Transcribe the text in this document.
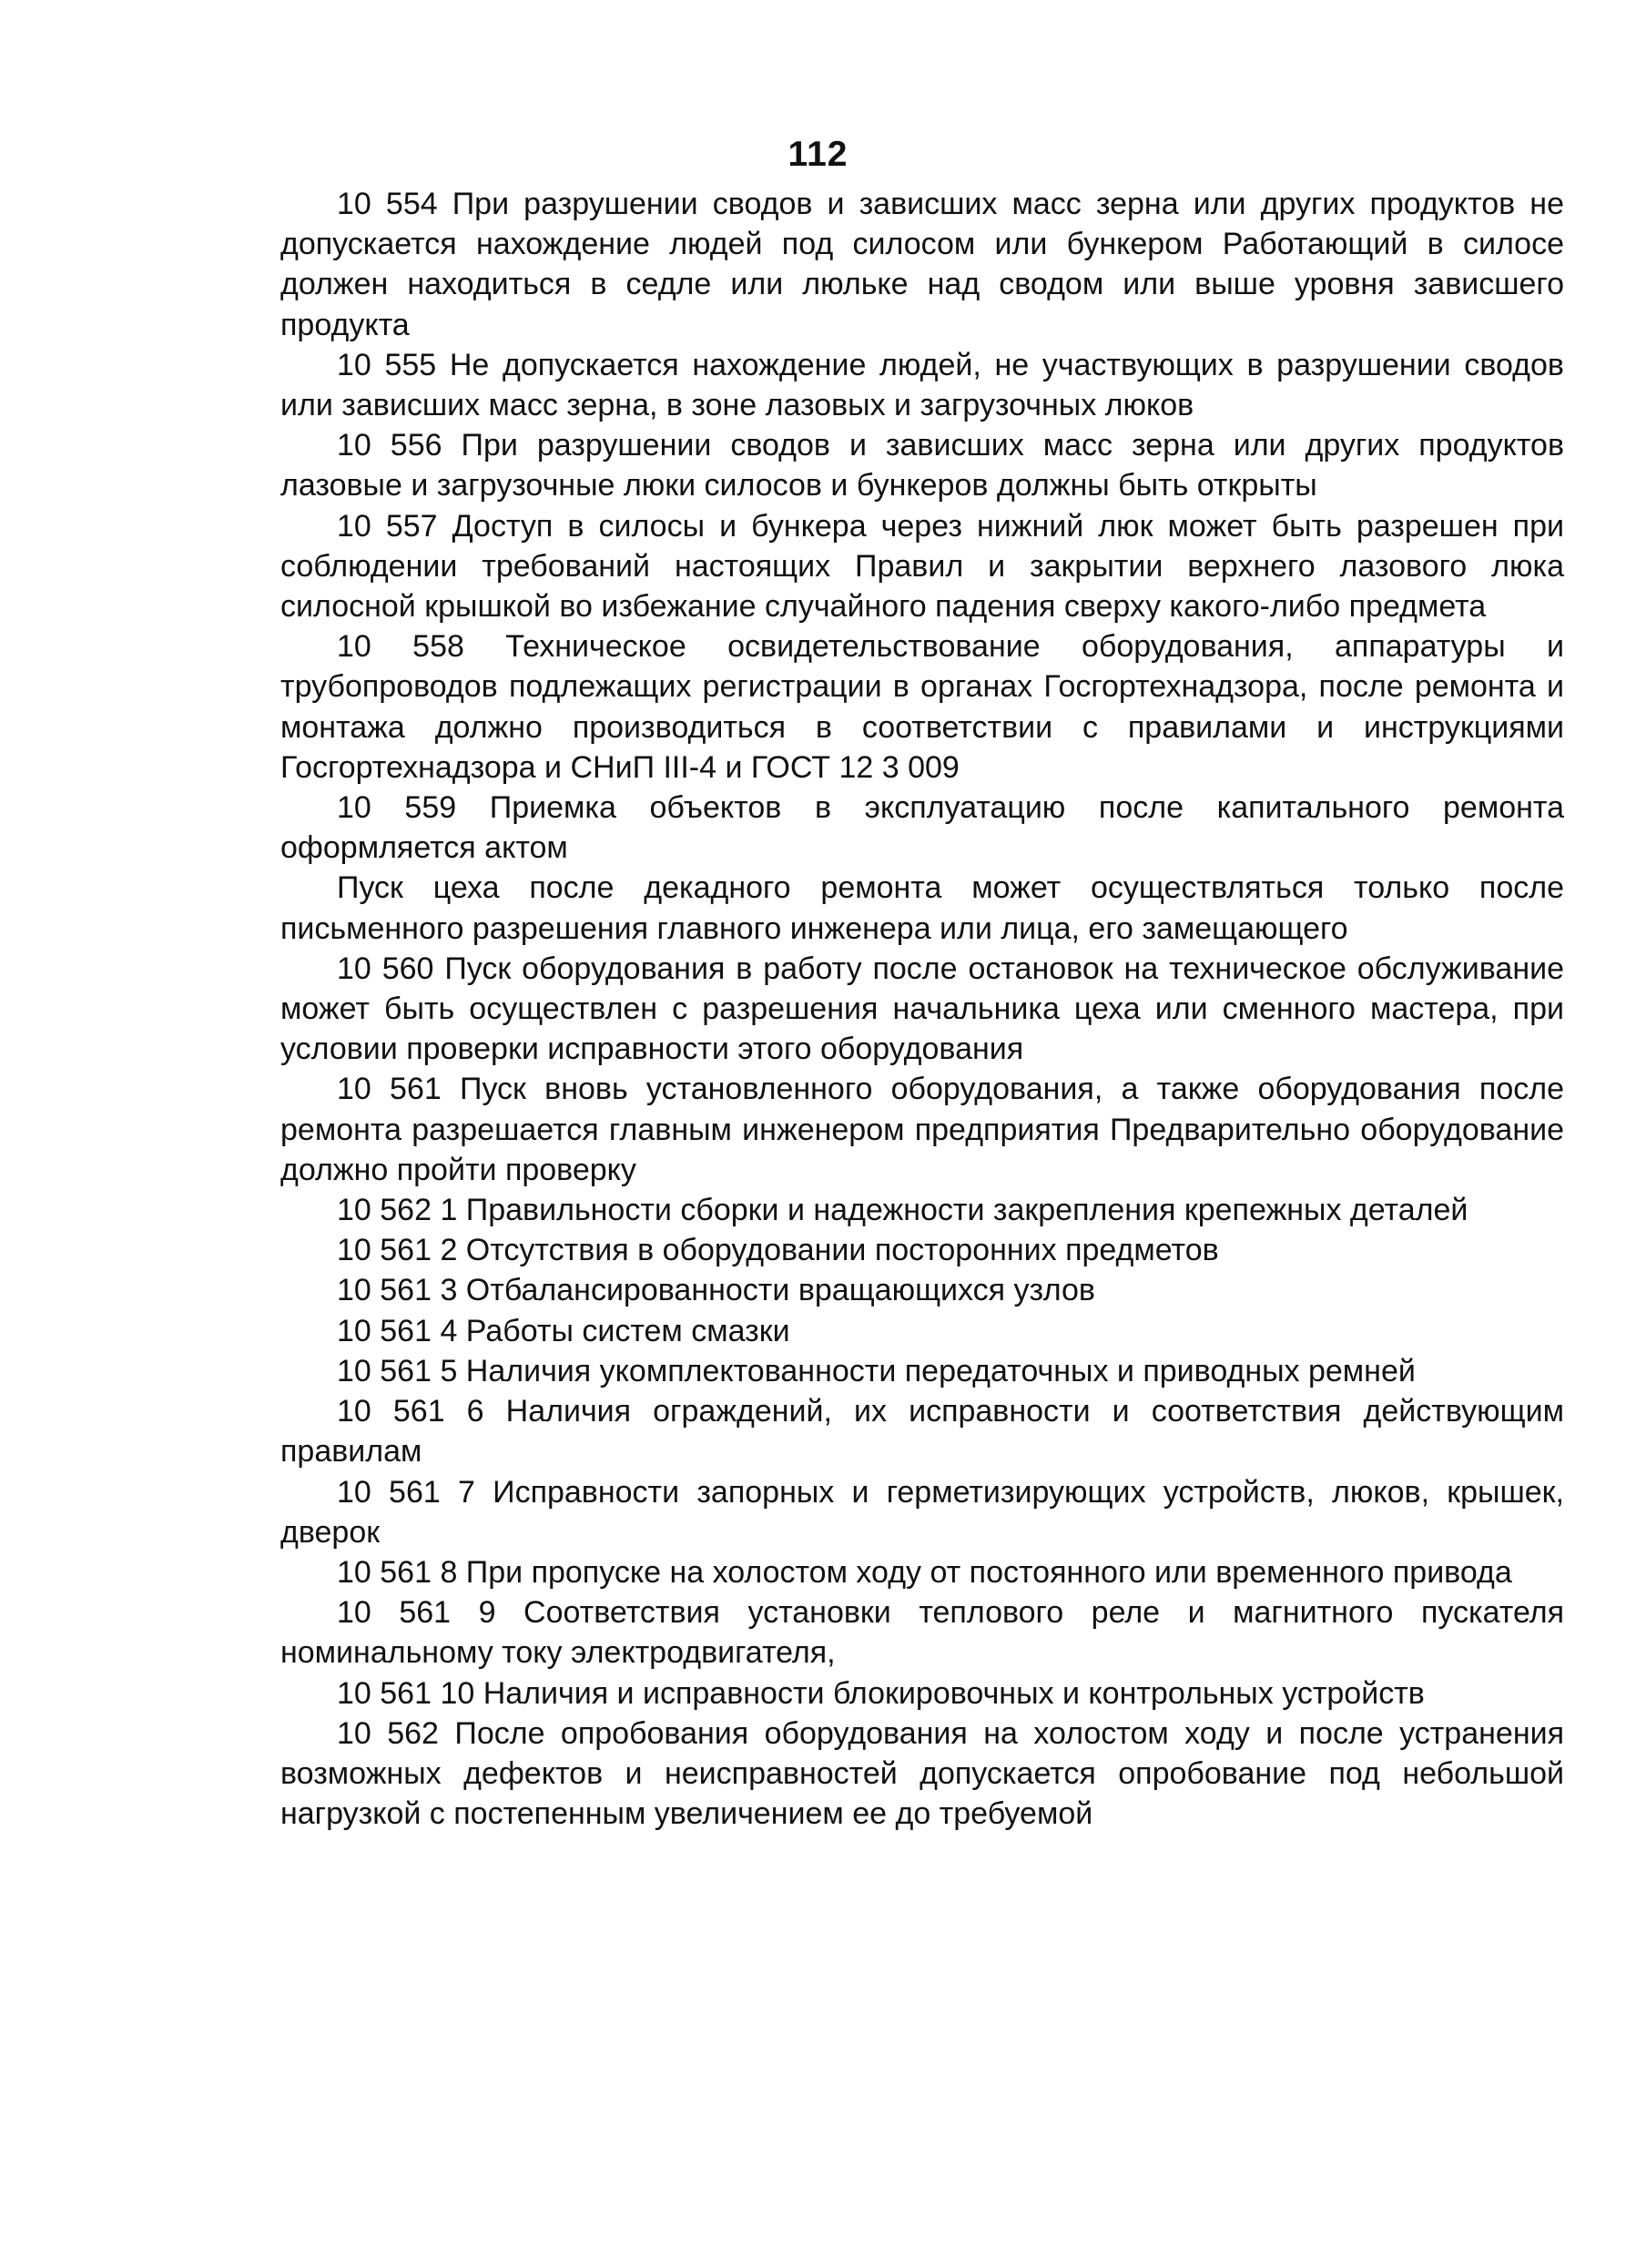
112

10 554 При разрушении сводов и зависших масс зерна или других продуктов не допускается нахождение людей под силосом или бункером Работающий в силосе должен находиться в седле или люльке над сводом или выше уровня зависшего продукта

10 555 Не допускается нахождение людей, не участвующих в разрушении сводов или зависших масс зерна, в зоне лазовых и загрузочных люков

10 556 При разрушении сводов и зависших масс зерна или других продуктов лазовые и загрузочные люки силосов и бункеров должны быть открыты

10 557 Доступ в силосы и бункера через нижний люк может быть разрешен при соблюдении требований настоящих Правил и закрытии верхнего лазового люка силосной крышкой во избежание случайного падения сверху какого-либо предмета

10 558 Техническое освидетельствование оборудования, аппаратуры и трубопроводов подлежащих регистрации в органах Госгортехнадзора, после ремонта и монтажа должно производиться в соответствии с правилами и инструкциями Госгортехнадзора и СНиП III-4 и ГОСТ 12 3 009

10 559 Приемка объектов в эксплуатацию после капитального ремонта оформляется актом

Пуск цеха после декадного ремонта может осуществляться только после письменного разрешения главного инженера или лица, его замещающего

10 560 Пуск оборудования в работу после остановок на техническое обслуживание может быть осуществлен с разрешения начальника цеха или сменного мастера, при условии проверки исправности этого оборудования

10 561 Пуск вновь установленного оборудования, а также оборудования после ремонта разрешается главным инженером предприятия Предварительно оборудование должно пройти проверку

10 562 1 Правильности сборки и надежности закрепления крепежных деталей

10 561 2 Отсутствия в оборудовании посторонних предметов

10 561 3 Отбалансированности вращающихся узлов

10 561 4 Работы систем смазки

10 561 5 Наличия укомплектованности передаточных и приводных ремней

10 561 6 Наличия ограждений, их исправности и соответствия действующим правилам

10 561 7 Исправности запорных и герметизирующих устройств, люков, крышек, дверок

10 561 8 При пропуске на холостом ходу от постоянного или временного привода

10 561 9 Соответствия установки теплового реле и магнитного пускателя номинальному току электродвигателя,

10 561 10 Наличия и исправности блокировочных и контрольных устройств

10 562 После опробования оборудования на холостом ходу и после устранения возможных дефектов и неисправностей допускается опробование под небольшой нагрузкой с постепенным увеличением ее до требуемой
